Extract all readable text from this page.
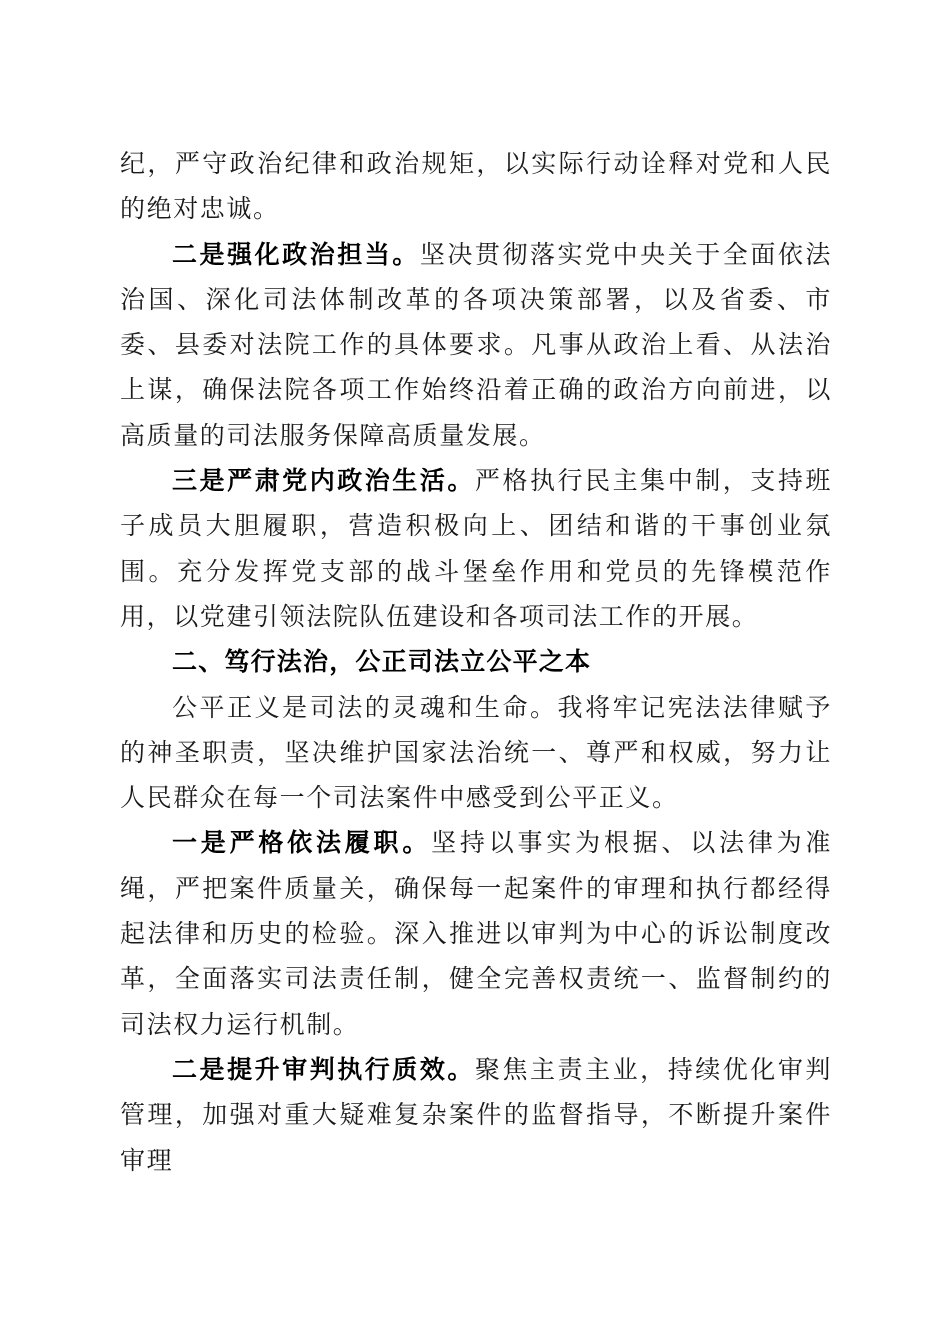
纪，严守政治纪律和政治规矩，以实际行动诠释对党和人民的绝对忠诚。

二是强化政治担当。坚决贯彻落实党中央关于全面依法治国、深化司法体制改革的各项决策部署，以及省委、市委、县委对法院工作的具体要求。凡事从政治上看、从法治上谋，确保法院各项工作始终沿着正确的政治方向前进，以高质量的司法服务保障高质量发展。

三是严肃党内政治生活。严格执行民主集中制，支持班子成员大胆履职，营造积极向上、团结和谐的干事创业氛围。充分发挥党支部的战斗堡垒作用和党员的先锋模范作用，以党建引领法院队伍建设和各项司法工作的开展。

二、笃行法治，公正司法立公平之本

公平正义是司法的灵魂和生命。我将牢记宪法法律赋予的神圣职责，坚决维护国家法治统一、尊严和权威，努力让人民群众在每一个司法案件中感受到公平正义。

一是严格依法履职。坚持以事实为根据、以法律为准绳，严把案件质量关，确保每一起案件的审理和执行都经得起法律和历史的检验。深入推进以审判为中心的诉讼制度改革，全面落实司法责任制，健全完善权责统一、监督制约的司法权力运行机制。

二是提升审判执行质效。聚焦主责主业，持续优化审判管理，加强对重大疑难复杂案件的监督指导，不断提升案件审理
